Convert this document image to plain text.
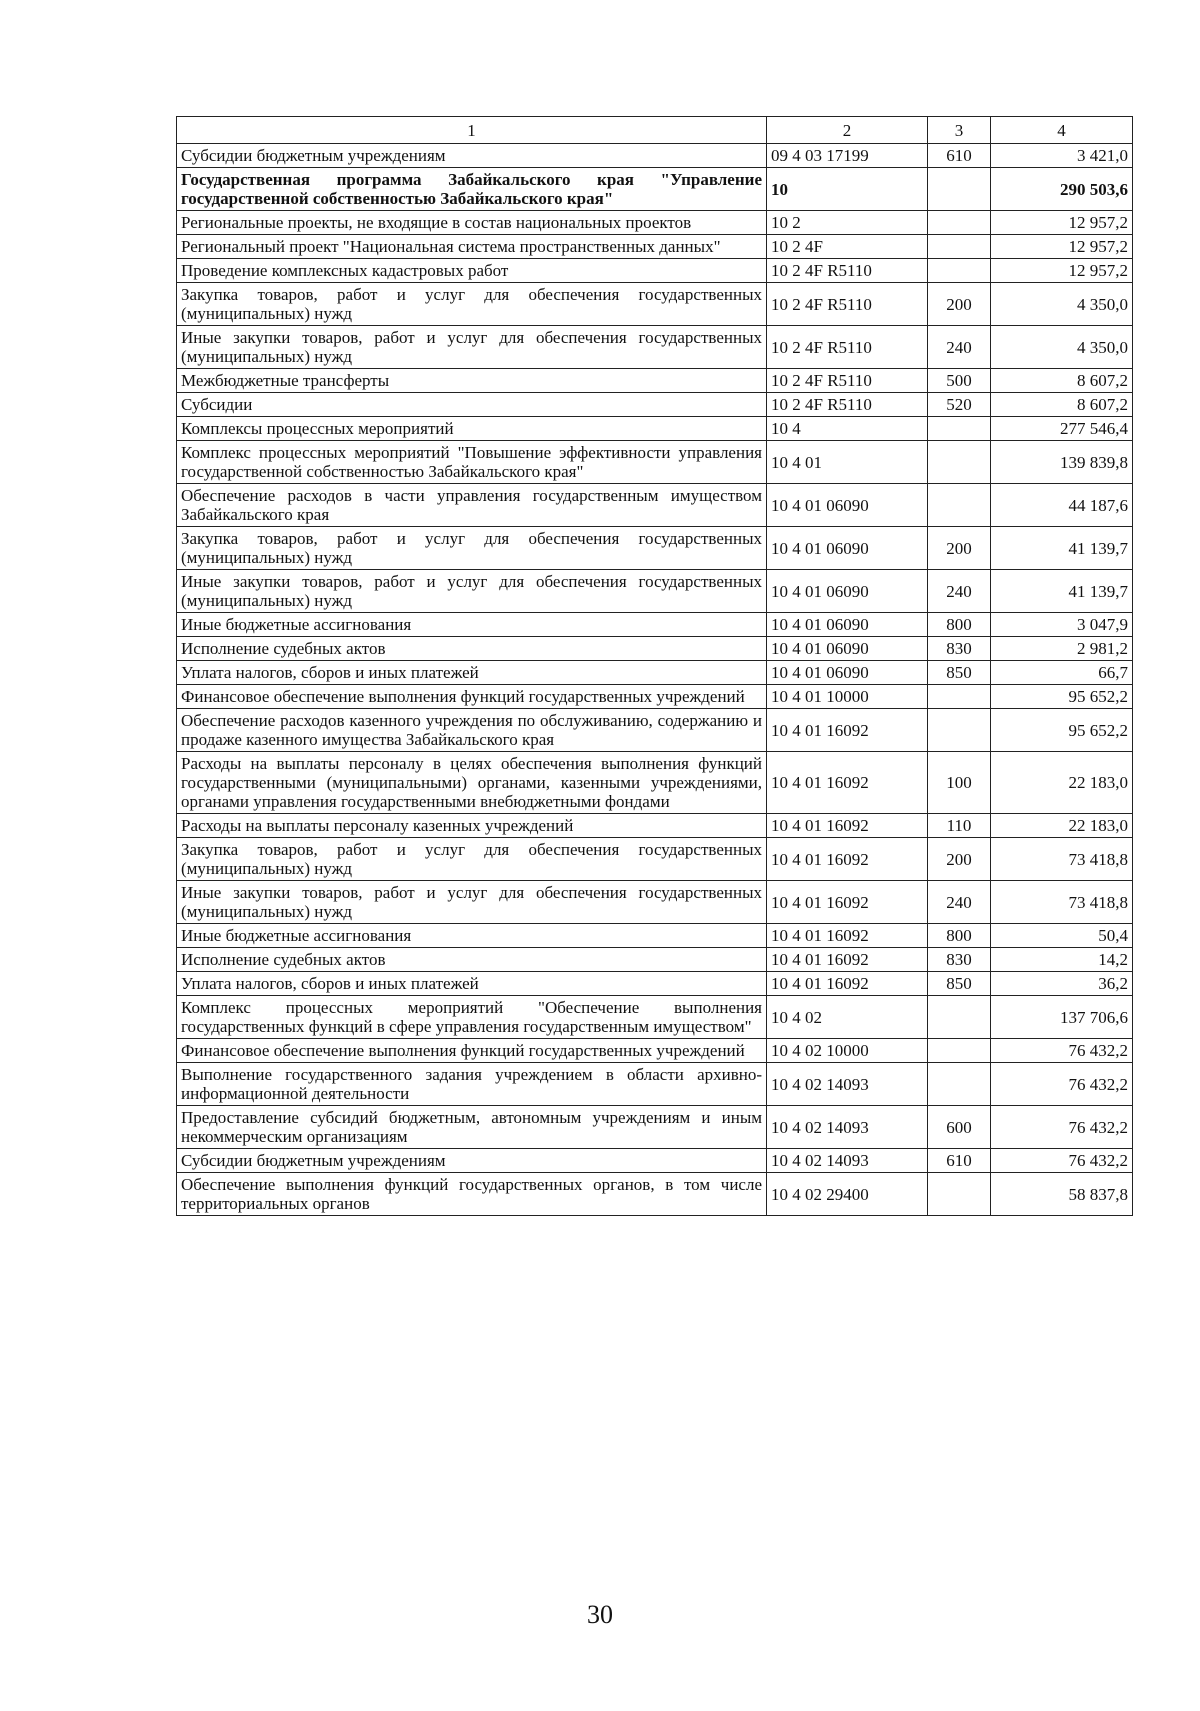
1	2	3	4
Субсидии бюджетным учреждениям	09 4 03 17199	610	3 421,0
Государственная программа Забайкальского края "Управление государственной собственностью Забайкальского края"	10		290 503,6
Региональные проекты, не входящие в состав национальных проектов	10 2		12 957,2
Региональный проект "Национальная система пространственных данных"	10 2 4F		12 957,2
Проведение комплексных кадастровых работ	10 2 4F R5110		12 957,2
Закупка товаров, работ и услуг для обеспечения государственных (муниципальных) нужд	10 2 4F R5110	200	4 350,0
Иные закупки товаров, работ и услуг для обеспечения государственных (муниципальных) нужд	10 2 4F R5110	240	4 350,0
Межбюджетные трансферты	10 2 4F R5110	500	8 607,2
Субсидии	10 2 4F R5110	520	8 607,2
Комплексы процессных мероприятий	10 4		277 546,4
Комплекс процессных мероприятий "Повышение эффективности управления государственной собственностью Забайкальского края"	10 4 01		139 839,8
Обеспечение расходов в части управления государственным имуществом Забайкальского края	10 4 01 06090		44 187,6
Закупка товаров, работ и услуг для обеспечения государственных (муниципальных) нужд	10 4 01 06090	200	41 139,7
Иные закупки товаров, работ и услуг для обеспечения государственных (муниципальных) нужд	10 4 01 06090	240	41 139,7
Иные бюджетные ассигнования	10 4 01 06090	800	3 047,9
Исполнение судебных актов	10 4 01 06090	830	2 981,2
Уплата налогов, сборов и иных платежей	10 4 01 06090	850	66,7
Финансовое обеспечение выполнения функций государственных учреждений	10 4 01 10000		95 652,2
Обеспечение расходов казенного учреждения по обслуживанию, содержанию и продаже казенного имущества Забайкальского края	10 4 01 16092		95 652,2
Расходы на выплаты персоналу в целях обеспечения выполнения функций государственными (муниципальными) органами, казенными учреждениями, органами управления государственными внебюджетными фондами	10 4 01 16092	100	22 183,0
Расходы на выплаты персоналу казенных учреждений	10 4 01 16092	110	22 183,0
Закупка товаров, работ и услуг для обеспечения государственных (муниципальных) нужд	10 4 01 16092	200	73 418,8
Иные закупки товаров, работ и услуг для обеспечения государственных (муниципальных) нужд	10 4 01 16092	240	73 418,8
Иные бюджетные ассигнования	10 4 01 16092	800	50,4
Исполнение судебных актов	10 4 01 16092	830	14,2
Уплата налогов, сборов и иных платежей	10 4 01 16092	850	36,2
Комплекс процессных мероприятий "Обеспечение выполнения государственных функций в сфере управления государственным имуществом"	10 4 02		137 706,6
Финансовое обеспечение выполнения функций государственных учреждений	10 4 02 10000		76 432,2
Выполнение государственного задания учреждением в области архивно-информационной деятельности	10 4 02 14093		76 432,2
Предоставление субсидий бюджетным, автономным учреждениям и иным некоммерческим организациям	10 4 02 14093	600	76 432,2
Субсидии бюджетным учреждениям	10 4 02 14093	610	76 432,2
Обеспечение выполнения функций государственных органов, в том числе территориальных органов	10 4 02 29400		58 837,8
30
